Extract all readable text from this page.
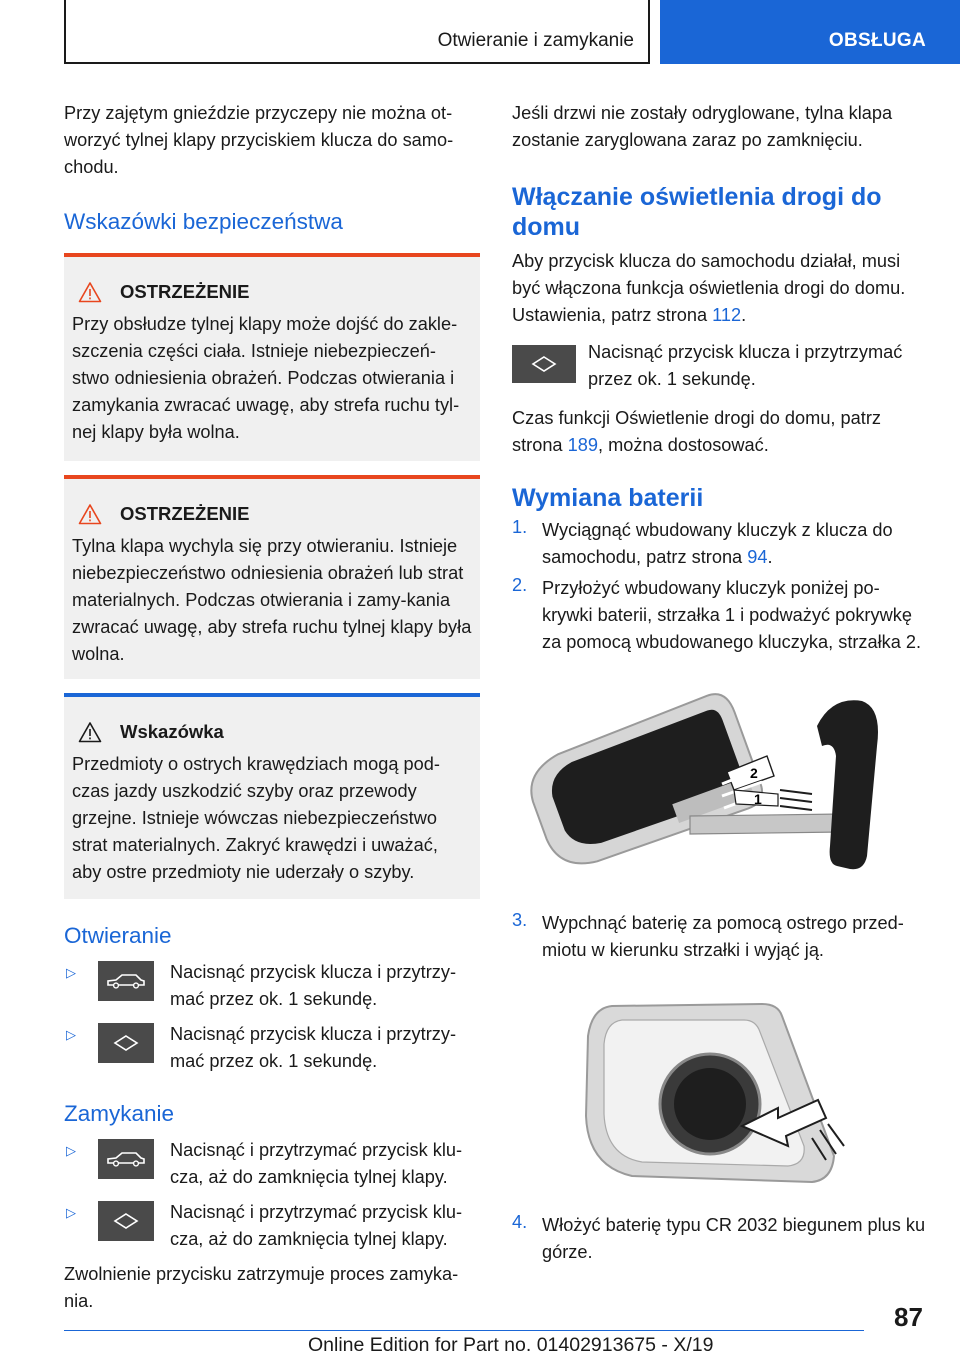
Otwieranie i zamykanie	OBSŁUGA

Przy zajętym gnieździe przyczepy nie można ot-worzyć tylnej klapy przyciskiem klucza do samo-chodu.

Wskazówki bezpieczeństwa
OSTRZEŻENIE

Przy obsłudze tylnej klapy może dojść do zakle-szczenia części ciała. Istnieje niebezpieczeń-stwo odniesienia obrażeń. Podczas otwierania i zamykania zwracać uwagę, aby strefa ruchu tyl-nej klapy była wolna.

OSTRZEŻENIE

Tylna klapa wychyla się przy otwieraniu. Istnieje niebezpieczeństwo odniesienia obrażeń lub strat materialnych. Podczas otwierania i zamy-kania zwracać uwagę, aby strefa ruchu tylnej klapy była wolna.

Wskazówka

Przedmioty o ostrych krawędziach mogą pod-czas jazdy uszkodzić szyby oraz przewody grzejne. Istnieje wówczas niebezpieczeństwo strat materialnych. Zakryć krawędzi i uważać, aby ostre przedmioty nie uderzały o szyby.

Otwieranie
▷	Nacisnąć przycisk klucza i przytrzy-mać przez ok. 1 sekundę.

▷	Nacisnąć przycisk klucza i przytrzy-mać przez ok. 1 sekundę.

Zamykanie
▷	Nacisnąć i przytrzymać przycisk klu-cza, aż do zamknięcia tylnej klapy.

▷	Nacisnąć i przytrzymać przycisk klu-cza, aż do zamknięcia tylnej klapy.

Zwolnienie przycisku zatrzymuje proces zamyka-nia.

Jeśli drzwi nie zostały odryglowane, tylna klapa zostanie zaryglowana zaraz po zamknięciu.

Włączanie oświetlenia drogi do domu

Aby przycisk klucza do samochodu działał, musi być włączona funkcja oświetlenia drogi do domu. Ustawienia, patrz strona 112.

Nacisnąć przycisk klucza i przytrzymać przez ok. 1 sekundę.

Czas funkcji Oświetlenie drogi do domu, patrz strona 189, można dostosować.

Wymiana baterii
1. Wyciągnąć wbudowany kluczyk z klucza do samochodu, patrz strona 94.

2. Przyłożyć wbudowany kluczyk poniżej po-krywki baterii, strzałka 1 i podważyć pokrywkę za pomocą wbudowanego kluczyka, strzałka 2.

2
1
3. Wypchnąć baterię za pomocą ostrego przed-miotu w kierunku strzałki i wyjąć ją.

4. Włożyć baterię typu CR 2032 biegunem plus ku górze.

87
Online Edition for Part no. 01402913675 - X/19
